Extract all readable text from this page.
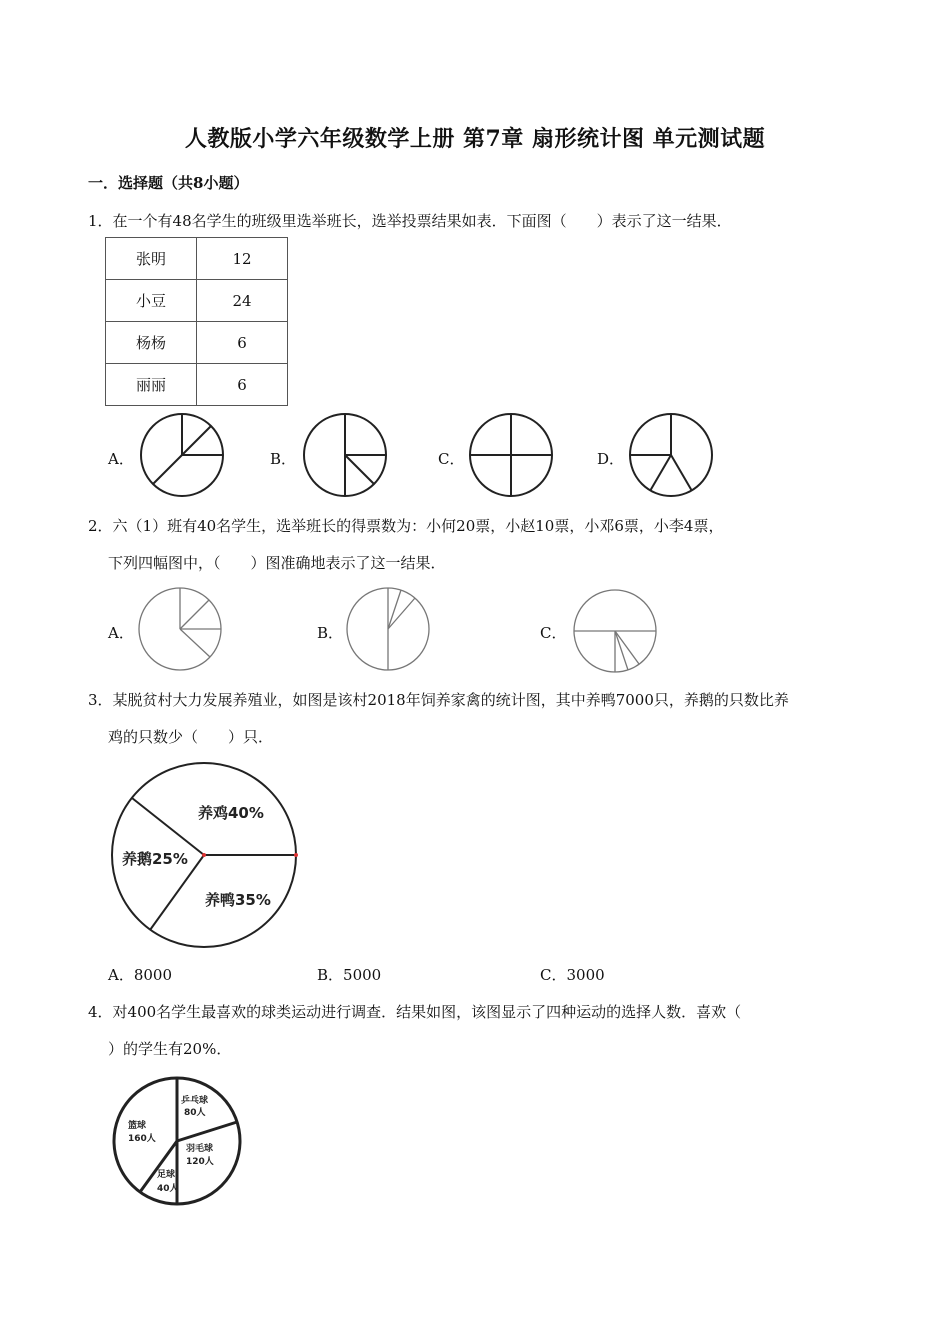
人教版小学六年级数学上册 第7章 扇形统计图 单元测试题
一．选择题（共8小题）
1．在一个有48名学生的班级里选举班长，选举投票结果如表．下面图（　　）表示了这一结果．
张明	12
小豆	24
杨杨	6
丽丽	6
A．	B．	C．	D．
2．六（1）班有40名学生，选举班长的得票数为：小何20票，小赵10票，小邓6票，小李4票，
下列四幅图中，（　　）图准确地表示了这一结果．
A．	B．	C．
3．某脱贫村大力发展养殖业，如图是该村2018年饲养家禽的统计图，其中养鸭7000只，养鹅的只数比养
鸡的只数少（　　）只．
养鸡40%
养鸭35%
养鹅25%
A．8000	B．5000	C．3000
4．对400名学生最喜欢的球类运动进行调查．结果如图，该图显示了四种运动的选择人数．喜欢（
）的学生有20%．
乒乓球
80人
羽毛球
120人
足球
40人
篮球
160人
